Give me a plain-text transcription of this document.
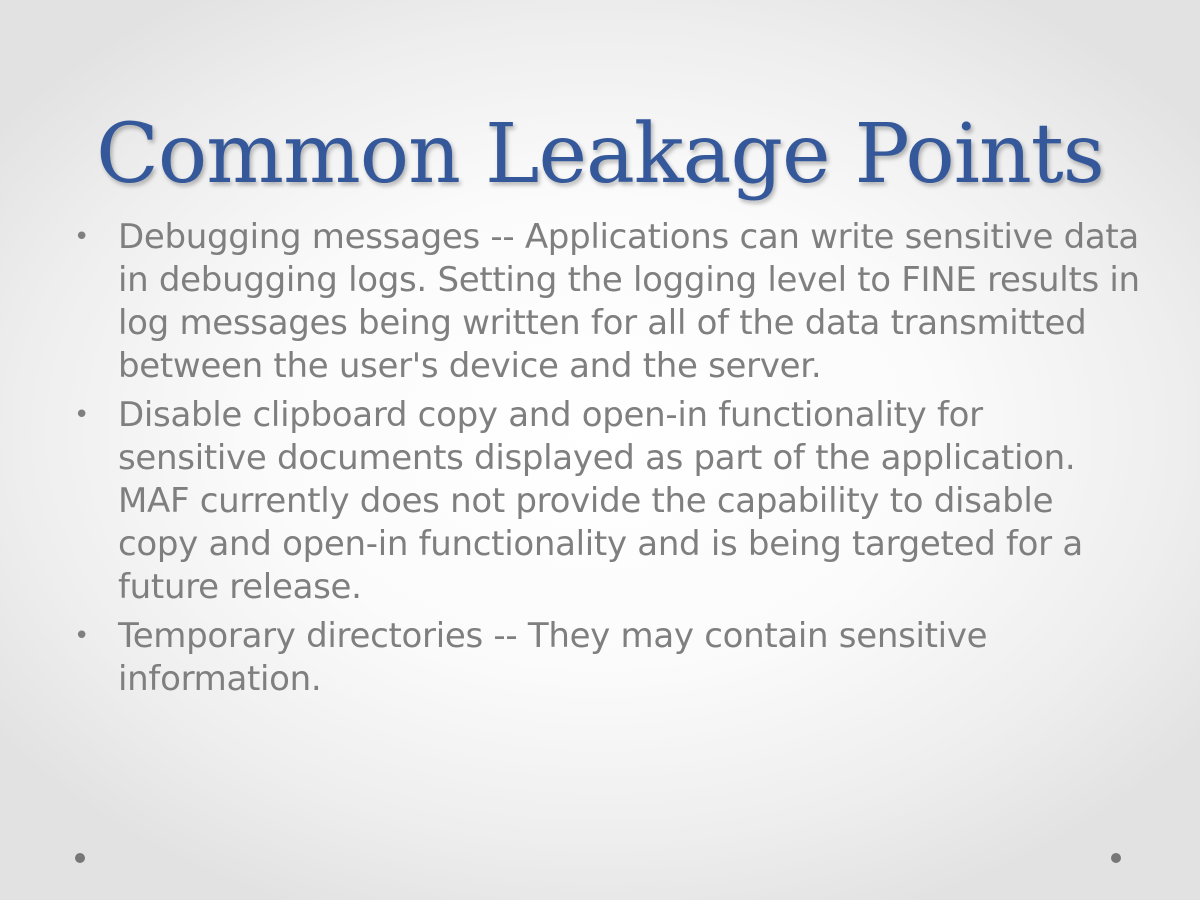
Common Leakage Points
• Debugging messages -- Applications can write sensitive data in debugging logs. Setting the logging level to FINE results in log messages being written for all of the data transmitted between the user's device and the server.
• Disable clipboard copy and open-in functionality for sensitive documents displayed as part of the application. MAF currently does not provide the capability to disable copy and open-in functionality and is being targeted for a future release.
• Temporary directories -- They may contain sensitive information.
